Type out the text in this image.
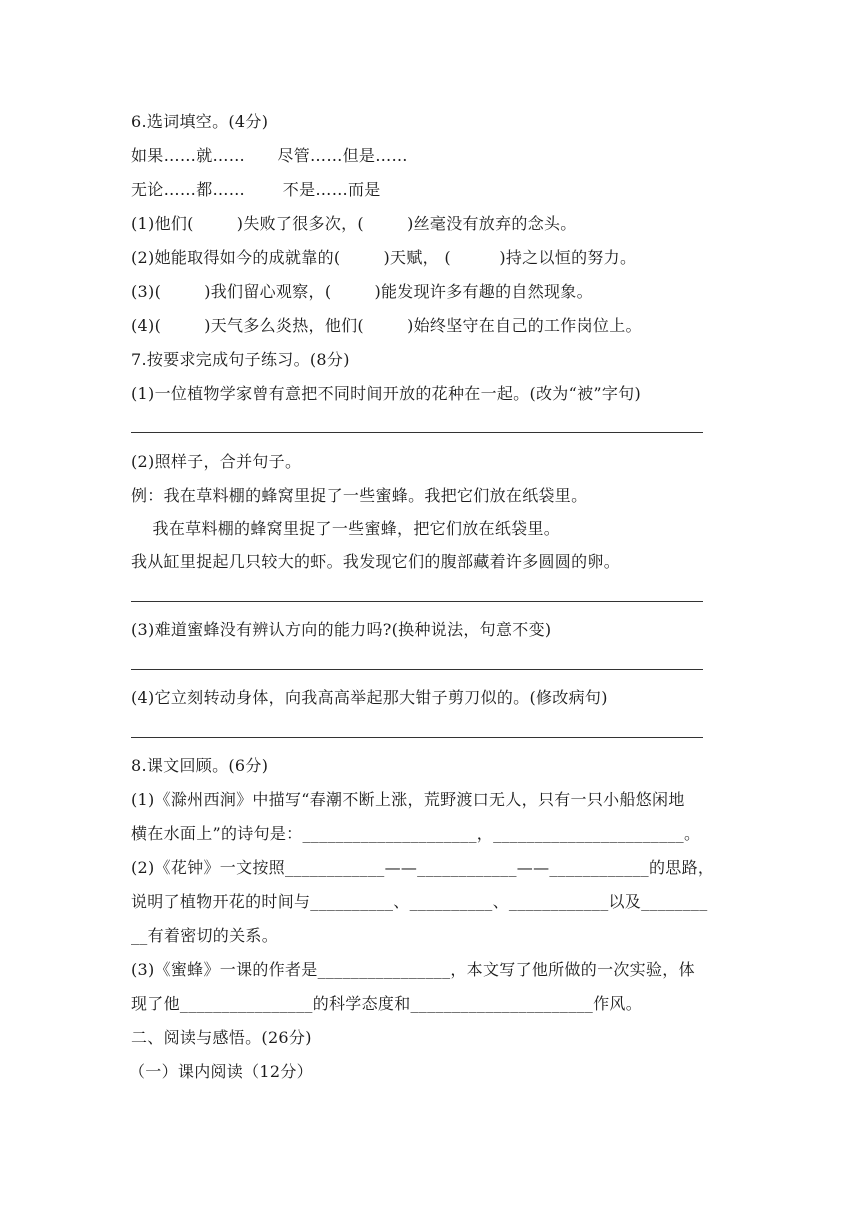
6.选词填空。(4分)
如果……就……      尽管……但是……
无论……都……       不是……而是
(1)他们(        )失败了很多次，(        )丝毫没有放弃的念头。
(2)她能取得如今的成就靠的(        )天赋， (         )持之以恒的努力。
(3)(        )我们留心观察，(        )能发现许多有趣的自然现象。
(4)(        )天气多么炎热，他们(        )始终坚守在自己的工作岗位上。
7.按要求完成句子练习。(8分)
(1)一位植物学家曾有意把不同时间开放的花种在一起。(改为“被”字句)
(2)照样子，合并句子。
例：我在草料棚的蜂窝里捉了一些蜜蜂。我把它们放在纸袋里。
我在草料棚的蜂窝里捉了一些蜜蜂，把它们放在纸袋里。
我从缸里捉起几只较大的虾。我发现它们的腹部藏着许多圆圆的卵。
(3)难道蜜蜂没有辨认方向的能力吗?(换种说法，句意不变)
(4)它立刻转动身体，向我高高举起那大钳子剪刀似的。(修改病句)
8.课文回顾。(6分)
(1)《滁州西涧》中描写“春潮不断上涨，荒野渡口无人，只有一只小船悠闲地
横在水面上”的诗句是：_____________________，_______________________。
(2)《花钟》一文按照____________——____________——____________的思路，
说明了植物开花的时间与__________、__________、____________以及________
__有着密切的关系。
(3)《蜜蜂》一课的作者是________________，本文写了他所做的一次实验，体
现了他________________的科学态度和______________________作风。
二、阅读与感悟。(26分)
（一）课内阅读（12分）
